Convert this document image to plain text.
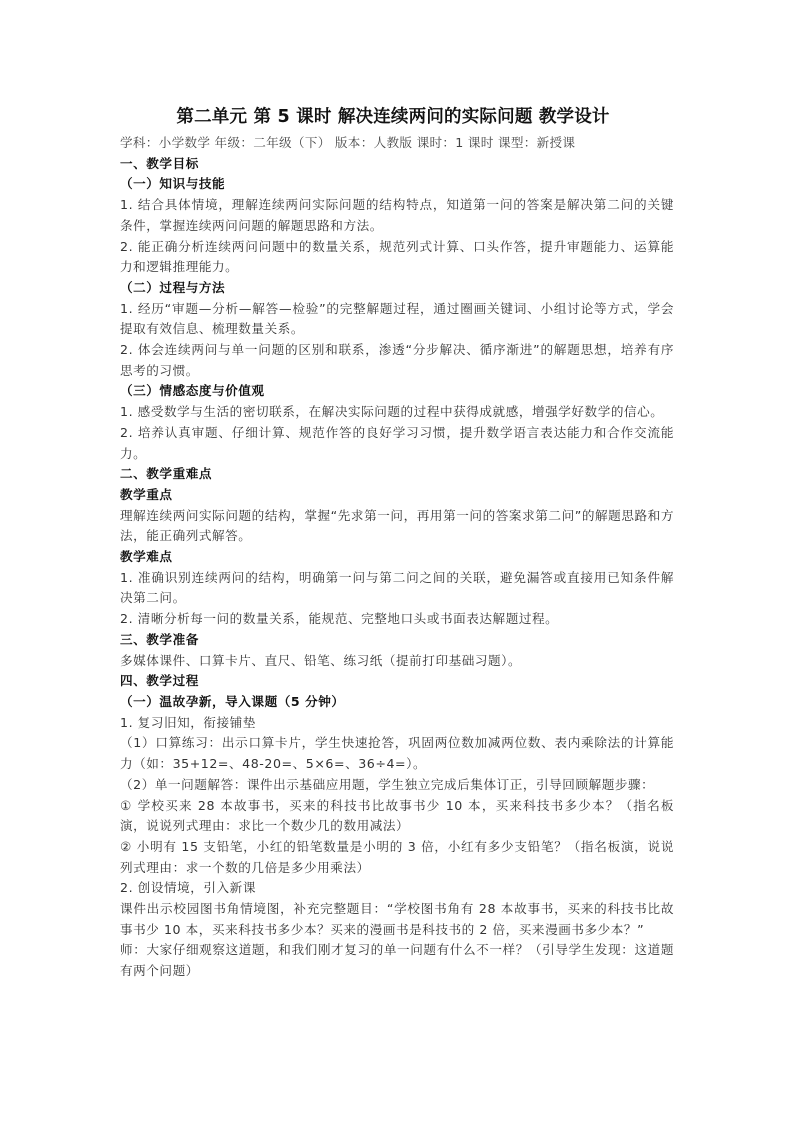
第二单元 第 5 课时 解决连续两问的实际问题 教学设计

学科：小学数学 年级：二年级（下） 版本：人教版 课时：1 课时 课型：新授课

一、教学目标

（一）知识与技能

1. 结合具体情境，理解连续两问实际问题的结构特点，知道第一问的答案是解决第二问的关键条件，掌握连续两问问题的解题思路和方法。

2. 能正确分析连续两问问题中的数量关系，规范列式计算、口头作答，提升审题能力、运算能力和逻辑推理能力。

（二）过程与方法

1. 经历“审题—分析—解答—检验”的完整解题过程，通过圈画关键词、小组讨论等方式，学会提取有效信息、梳理数量关系。

2. 体会连续两问与单一问题的区别和联系，渗透“分步解决、循序渐进”的解题思想，培养有序思考的习惯。

（三）情感态度与价值观

1. 感受数学与生活的密切联系，在解决实际问题的过程中获得成就感，增强学好数学的信心。

2. 培养认真审题、仔细计算、规范作答的良好学习习惯，提升数学语言表达能力和合作交流能力。

二、教学重难点

教学重点

理解连续两问实际问题的结构，掌握“先求第一问，再用第一问的答案求第二问”的解题思路和方法，能正确列式解答。

教学难点

1. 准确识别连续两问的结构，明确第一问与第二问之间的关联，避免漏答或直接用已知条件解决第二问。

2. 清晰分析每一问的数量关系，能规范、完整地口头或书面表达解题过程。

三、教学准备

多媒体课件、口算卡片、直尺、铅笔、练习纸（提前打印基础习题）。

四、教学过程

（一）温故孕新，导入课题（5 分钟）

1. 复习旧知，衔接铺垫

（1）口算练习：出示口算卡片，学生快速抢答，巩固两位数加减两位数、表内乘除法的计算能力（如：35+12=、48-20=、5×6=、36÷4=）。

（2）单一问题解答：课件出示基础应用题，学生独立完成后集体订正，引导回顾解题步骤：

① 学校买来 28 本故事书，买来的科技书比故事书少 10 本，买来科技书多少本？（指名板演，说说列式理由：求比一个数少几的数用减法）

② 小明有 15 支铅笔，小红的铅笔数量是小明的 3 倍，小红有多少支铅笔？（指名板演，说说列式理由：求一个数的几倍是多少用乘法）

2. 创设情境，引入新课

课件出示校园图书角情境图，补充完整题目：“学校图书角有 28 本故事书，买来的科技书比故事书少 10 本，买来科技书多少本？买来的漫画书是科技书的 2 倍，买来漫画书多少本？”

师：大家仔细观察这道题，和我们刚才复习的单一问题有什么不一样？（引导学生发现：这道题有两个问题）
